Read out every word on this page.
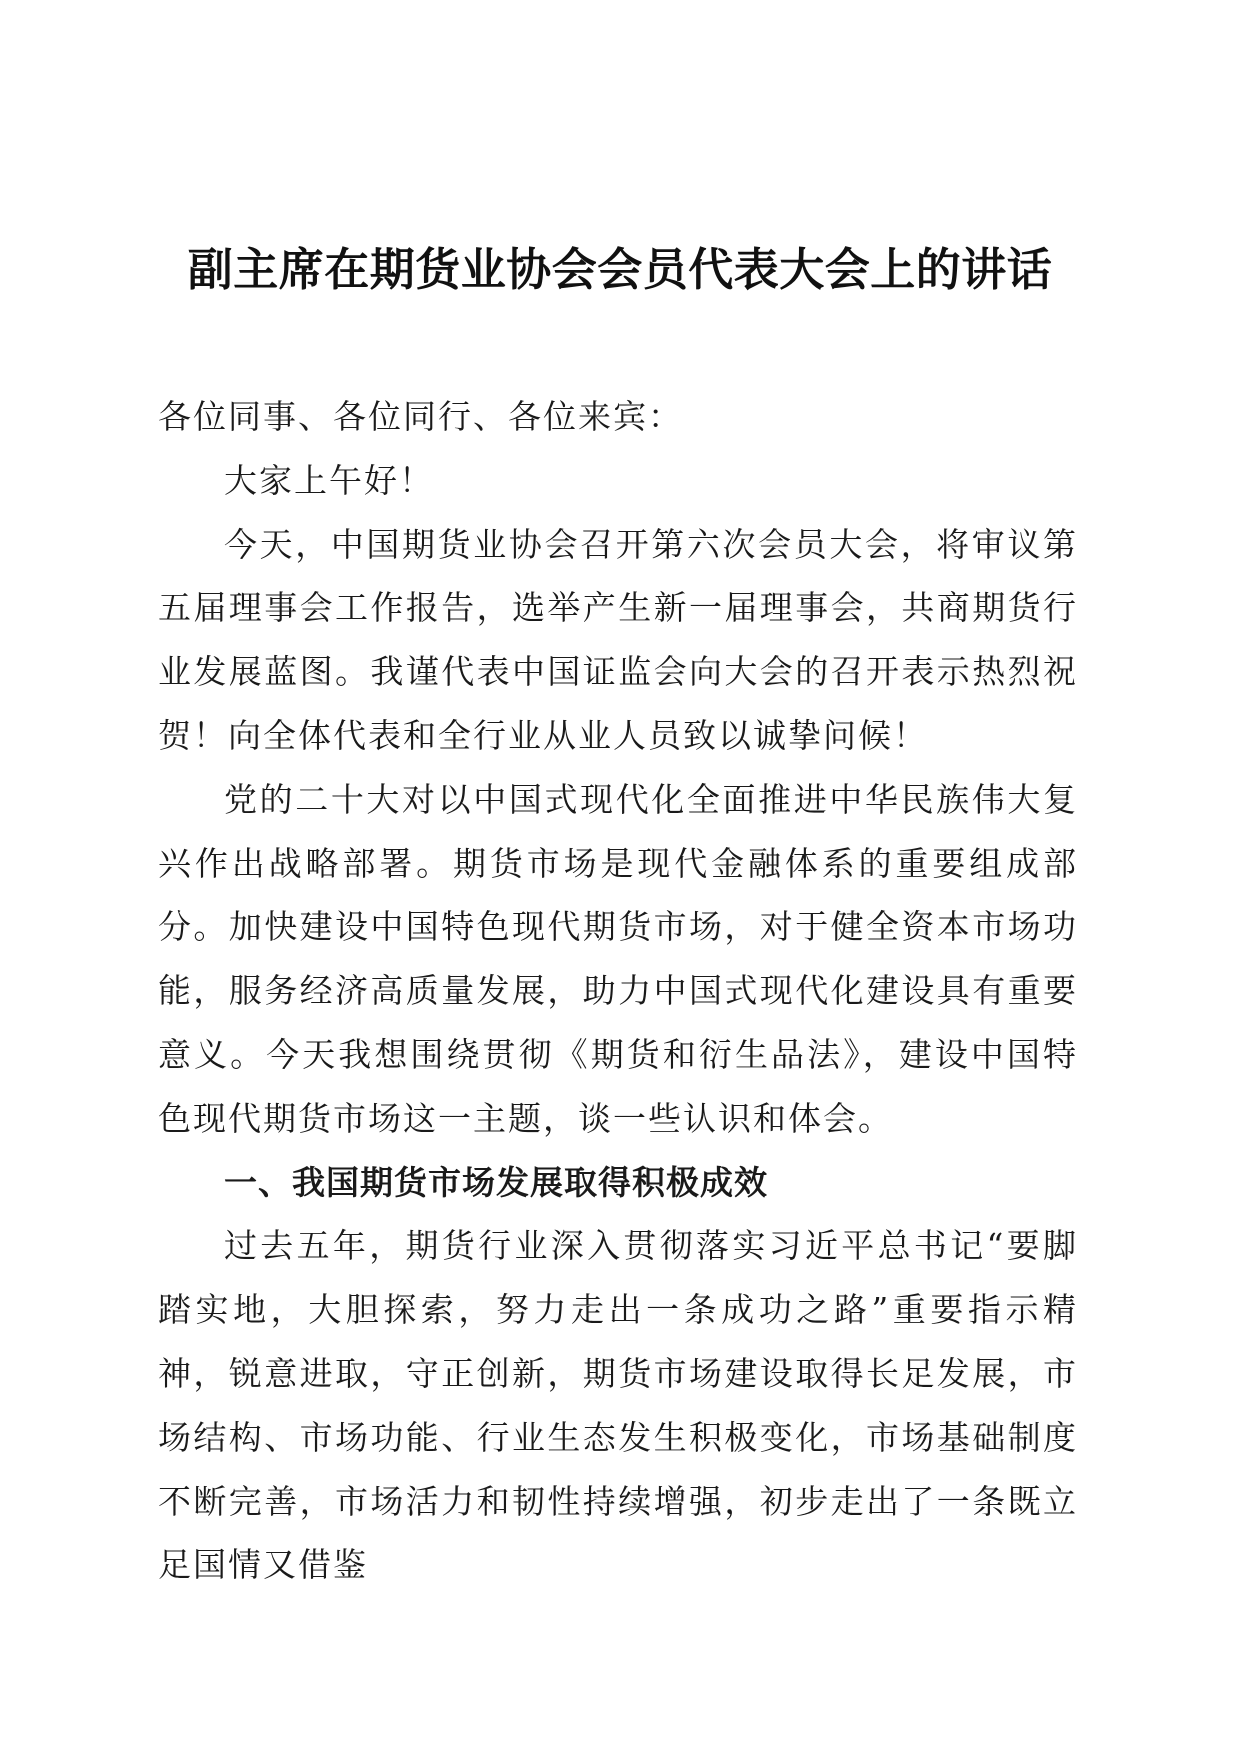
副主席在期货业协会会员代表大会上的讲话

各位同事、各位同行、各位来宾：

大家上午好！

今天，中国期货业协会召开第六次会员大会，将审议第五届理事会工作报告，选举产生新一届理事会，共商期货行业发展蓝图。我谨代表中国证监会向大会的召开表示热烈祝贺！向全体代表和全行业从业人员致以诚挚问候！

党的二十大对以中国式现代化全面推进中华民族伟大复兴作出战略部署。期货市场是现代金融体系的重要组成部分。加快建设中国特色现代期货市场，对于健全资本市场功能，服务经济高质量发展，助力中国式现代化建设具有重要意义。今天我想围绕贯彻《期货和衍生品法》，建设中国特色现代期货市场这一主题，谈一些认识和体会。

一、我国期货市场发展取得积极成效

过去五年，期货行业深入贯彻落实习近平总书记“要脚踏实地，大胆探索，努力走出一条成功之路”重要指示精神，锐意进取，守正创新，期货市场建设取得长足发展，市场结构、市场功能、行业生态发生积极变化，市场基础制度不断完善，市场活力和韧性持续增强，初步走出了一条既立足国情又借鉴
